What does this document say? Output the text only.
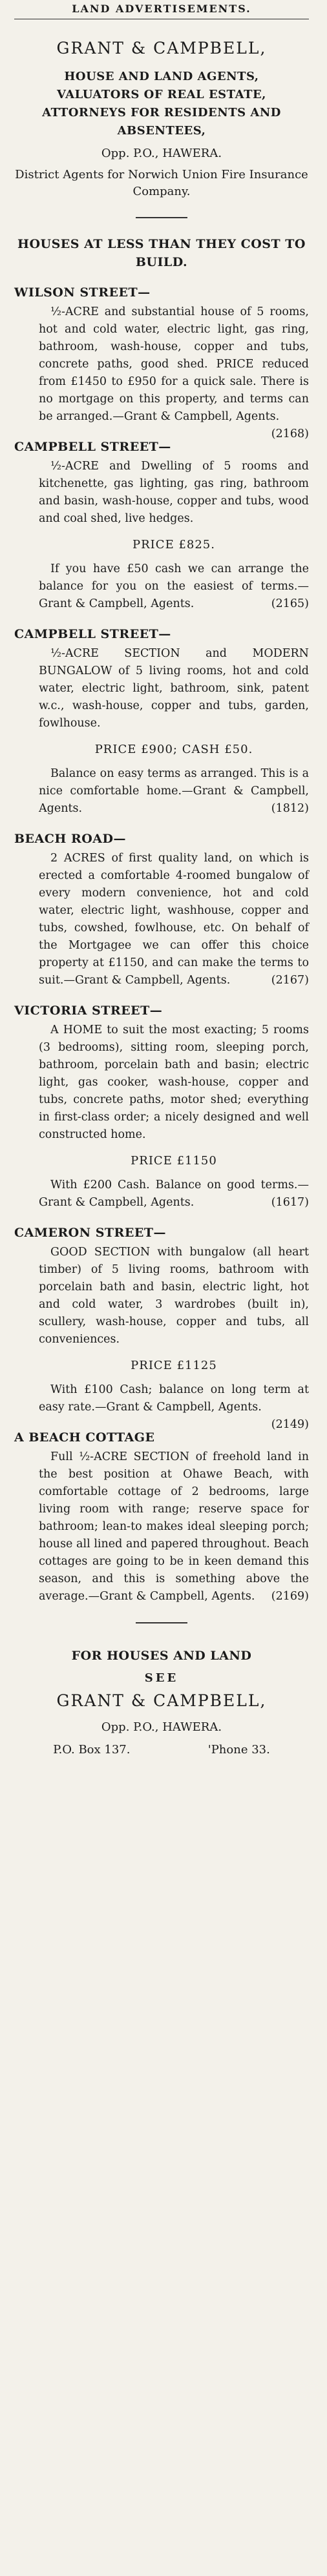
LAND ADVERTISEMENTS.
GRANT & CAMPBELL,
HOUSE AND LAND AGENTS,
VALUATORS OF REAL ESTATE,
ATTORNEYS FOR RESIDENTS AND ABSENTEES,
Opp. P.O., HAWERA.
District Agents for Norwich Union Fire Insurance Company.
HOUSES AT LESS THAN THEY COST TO BUILD.
WILSON STREET—

½-ACRE and substantial house of 5 rooms, hot and cold water, electric light, gas ring, bathroom, wash-house, copper and tubs, concrete paths, good shed. PRICE reduced from £1450 to £950 for a quick sale. There is no mortgage on this property, and terms can be arranged.—Grant & Campbell, Agents.
(2168)

CAMPBELL STREET—

½-ACRE and Dwelling of 5 rooms and kitchenette, gas lighting, gas ring, bathroom and basin, wash-house, copper and tubs, wood and coal shed, live hedges.

PRICE £825.

If you have £50 cash we can arrange the balance for you on the easiest of terms.—Grant & Campbell, Agents.	(2165)

CAMPBELL STREET—

½-ACRE SECTION and MODERN BUNGALOW of 5 living rooms, hot and cold water, electric light, bathroom, sink, patent w.c., wash-house, copper and tubs, garden, fowlhouse.

PRICE £900; CASH £50.

Balance on easy terms as arranged. This is a nice comfortable home.—Grant & Campbell, Agents.	(1812)

BEACH ROAD—

2 ACRES of first quality land, on which is erected a comfortable 4-roomed bungalow of every modern convenience, hot and cold water, electric light, washhouse, copper and tubs, cowshed, fowlhouse, etc. On behalf of the Mortgagee we can offer this choice property at £1150, and can make the terms to suit.—Grant & Campbell, Agents.	(2167)

VICTORIA STREET—

A HOME to suit the most exacting; 5 rooms (3 bedrooms), sitting room, sleeping porch, bathroom, porcelain bath and basin; electric light, gas cooker, wash-house, copper and tubs, concrete paths, motor shed; everything in first-class order; a nicely designed and well constructed home.

PRICE £1150

With £200 Cash. Balance on good terms.—Grant & Campbell, Agents.	(1617)

CAMERON STREET—

GOOD SECTION with bungalow (all heart timber) of 5 living rooms, bathroom with porcelain bath and basin, electric light, hot and cold water, 3 wardrobes (built in), scullery, wash-house, copper and tubs, all conveniences.

PRICE £1125

With £100 Cash; balance on long term at easy rate.—Grant & Campbell, Agents.
(2149)

A BEACH COTTAGE

Full ½-ACRE SECTION of freehold land in the best position at Ohawe Beach, with comfortable cottage of 2 bedrooms, large living room with range; reserve space for bathroom; lean-to makes ideal sleeping porch; house all lined and papered throughout. Beach cottages are going to be in keen demand this season, and this is something above the average.—Grant & Campbell, Agents.	(2169)

FOR HOUSES AND LAND
SEE
GRANT & CAMPBELL,
Opp. P.O., HAWERA.
P.O. Box 137.	'Phone 33.
